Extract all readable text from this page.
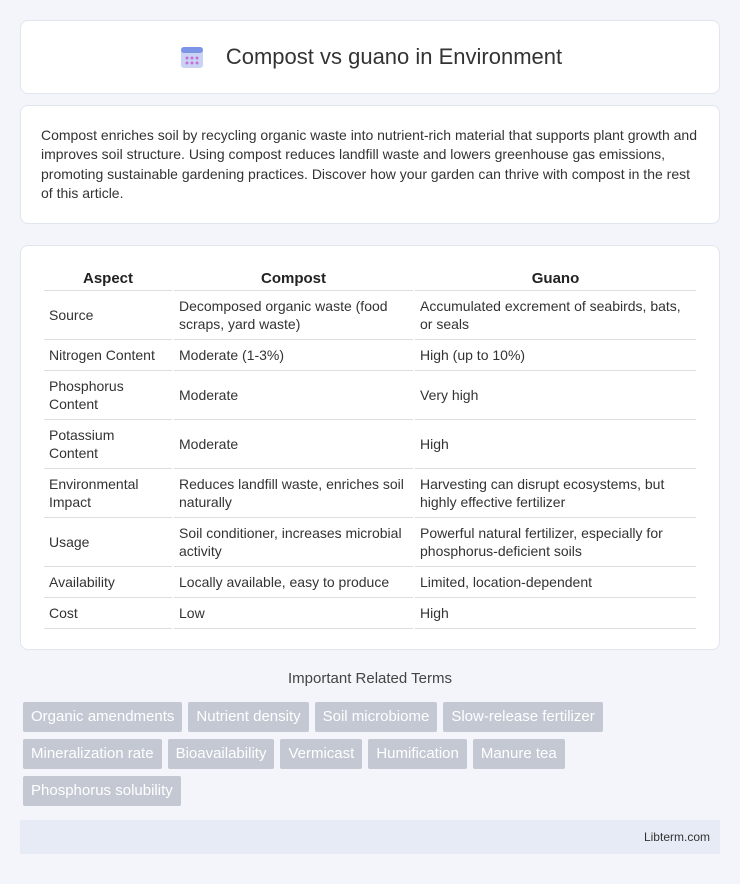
Compost vs guano in Environment

Compost enriches soil by recycling organic waste into nutrient-rich material that supports plant growth and improves soil structure. Using compost reduces landfill waste and lowers greenhouse gas emissions, promoting sustainable gardening practices. Discover how your garden can thrive with compost in the rest of this article.

Aspect	Compost	Guano
Source	Decomposed organic waste (food scraps, yard waste)	Accumulated excrement of seabirds, bats, or seals
Nitrogen Content	Moderate (1-3%)	High (up to 10%)
Phosphorus Content	Moderate	Very high
Potassium Content	Moderate	High
Environmental Impact	Reduces landfill waste, enriches soil naturally	Harvesting can disrupt ecosystems, but highly effective fertilizer
Usage	Soil conditioner, increases microbial activity	Powerful natural fertilizer, especially for phosphorus-deficient soils
Availability	Locally available, easy to produce	Limited, location-dependent
Cost	Low	High
Important Related Terms
Organic amendments	Nutrient density	Soil microbiome	Slow-release fertilizer
Mineralization rate	Bioavailability	Vermicast	Humification	Manure tea
Phosphorus solubility
Libterm.com
